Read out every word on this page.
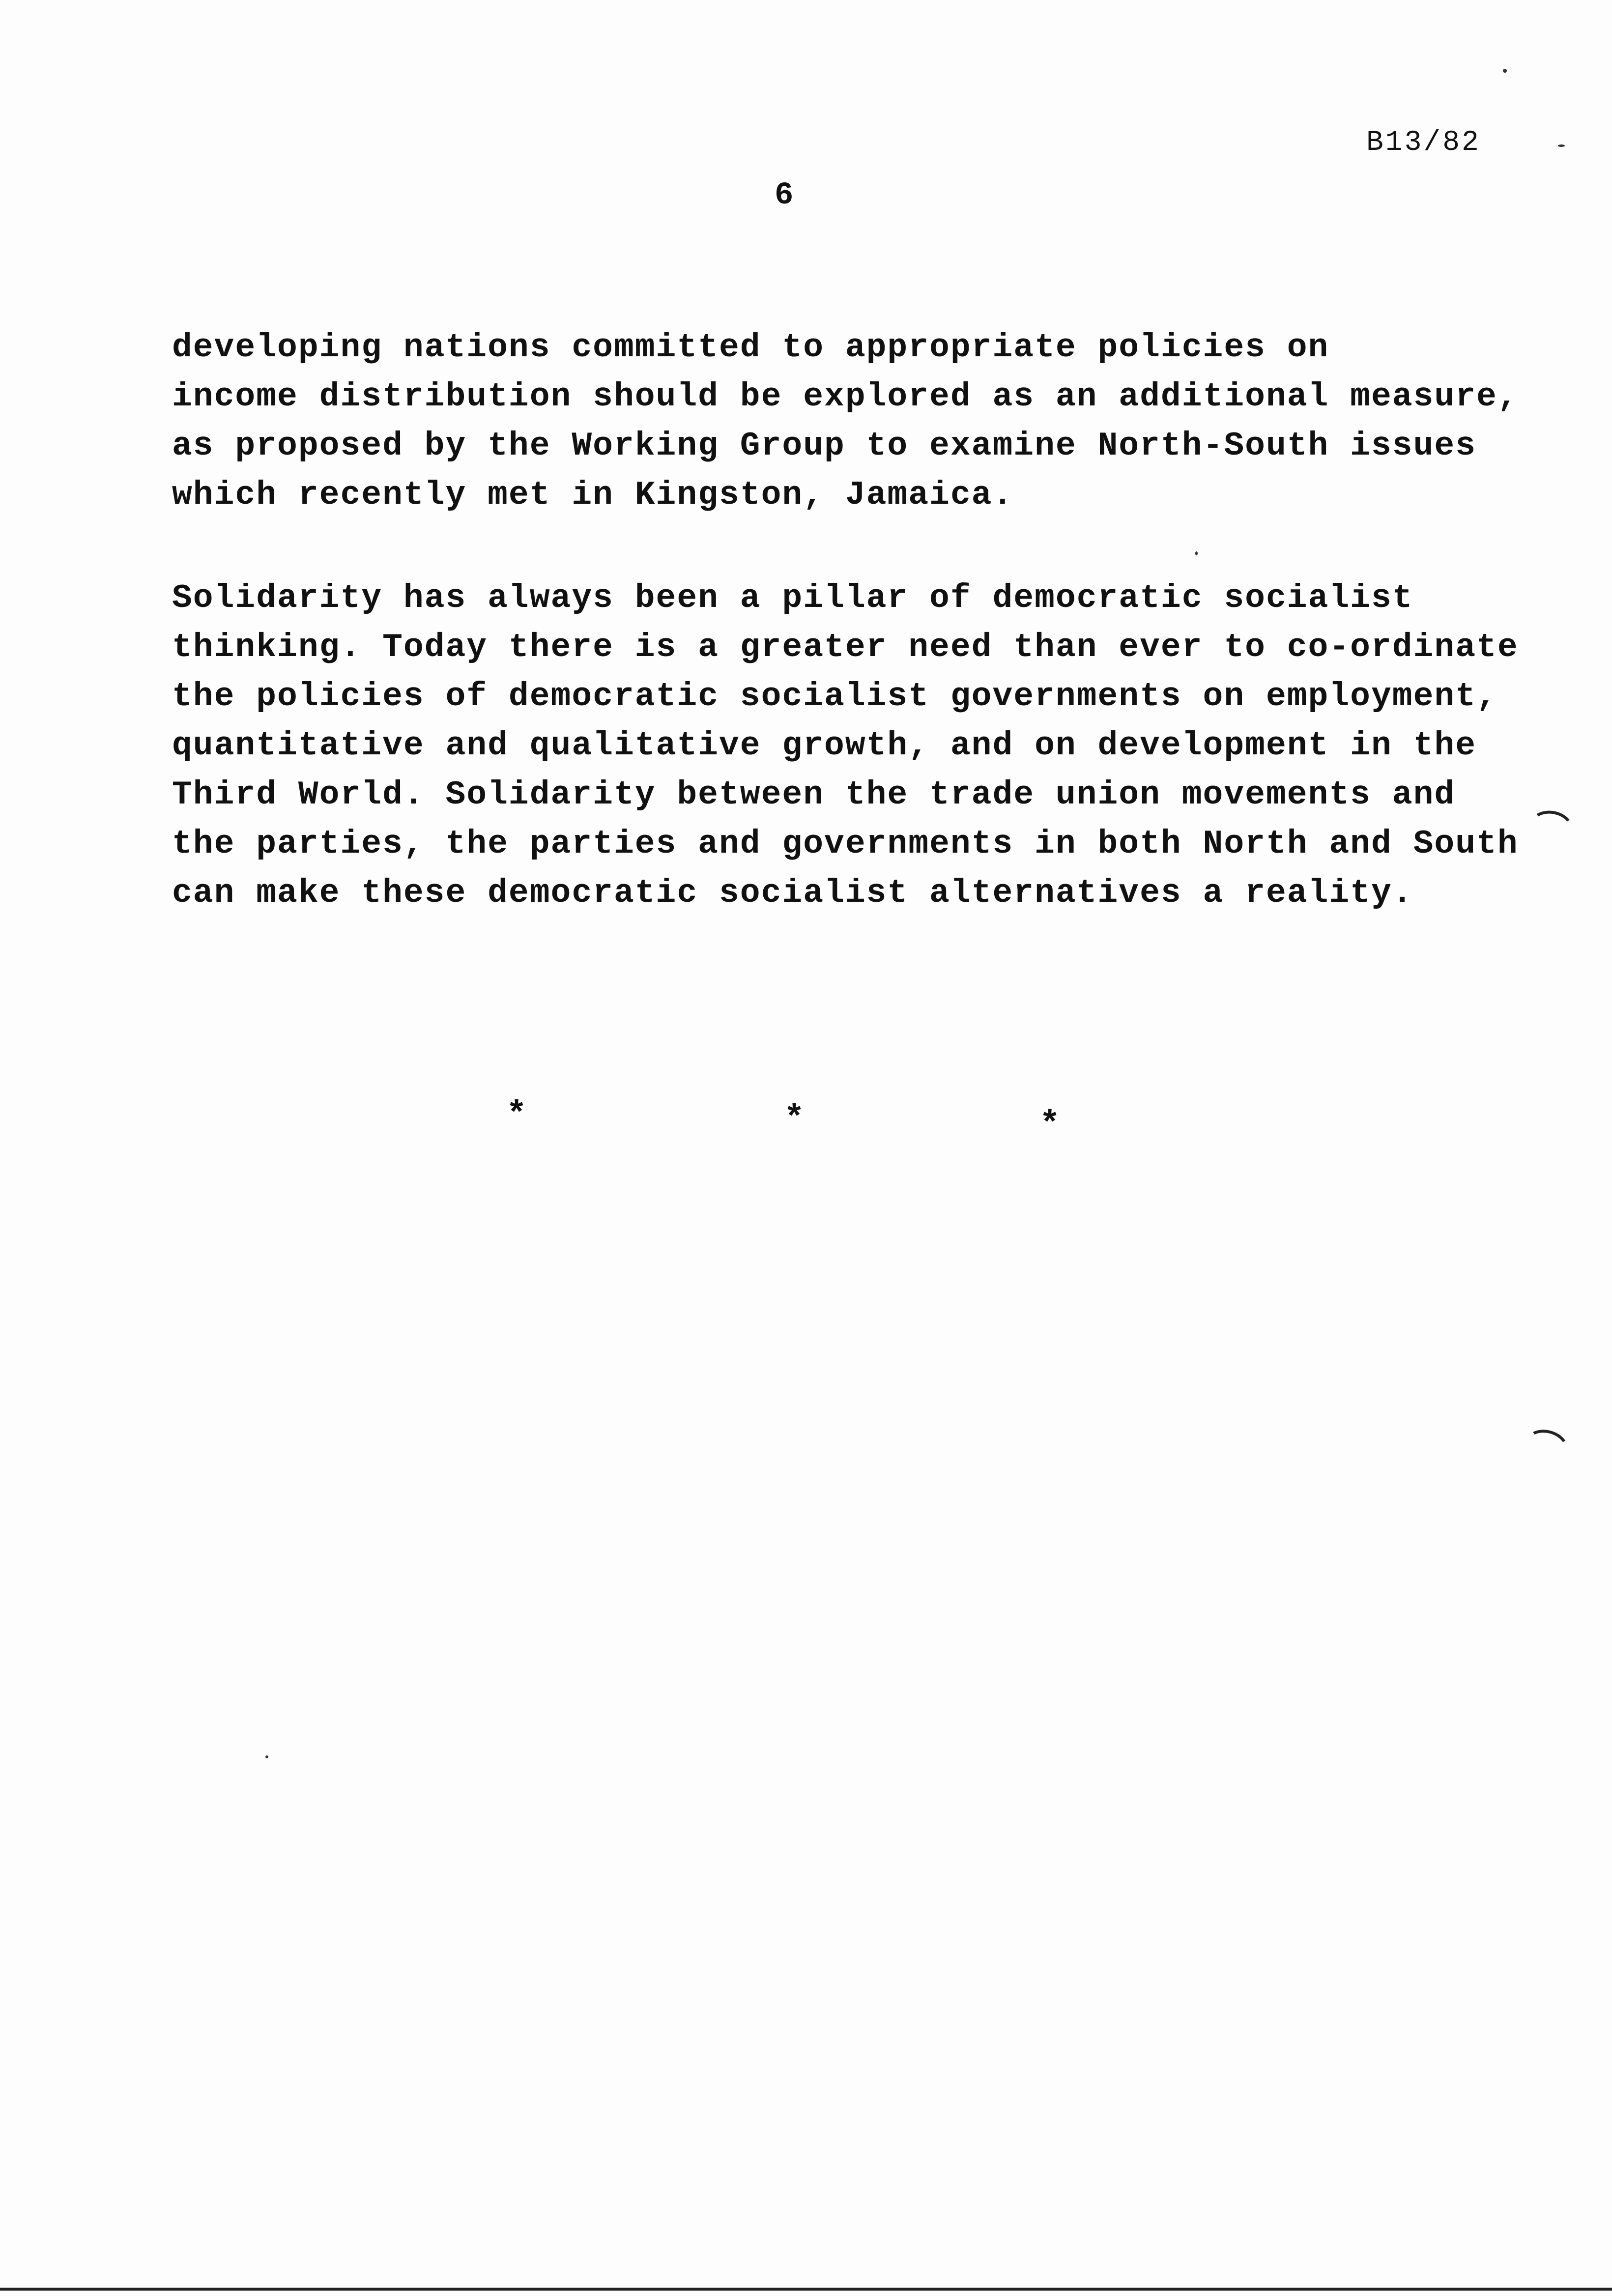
B13/82
6
developing nations committed to appropriate policies on
income distribution should be explored as an additional measure,
as proposed by the Working Group to examine North-South issues
which recently met in Kingston, Jamaica.
Solidarity has always been a pillar of democratic socialist
thinking. Today there is a greater need than ever to co-ordinate
the policies of democratic socialist governments on employment,
quantitative and qualitative growth, and on development in the
Third World. Solidarity between the trade union movements and
the parties, the parties and governments in both North and South
can make these democratic socialist alternatives a reality.
*	*	*
